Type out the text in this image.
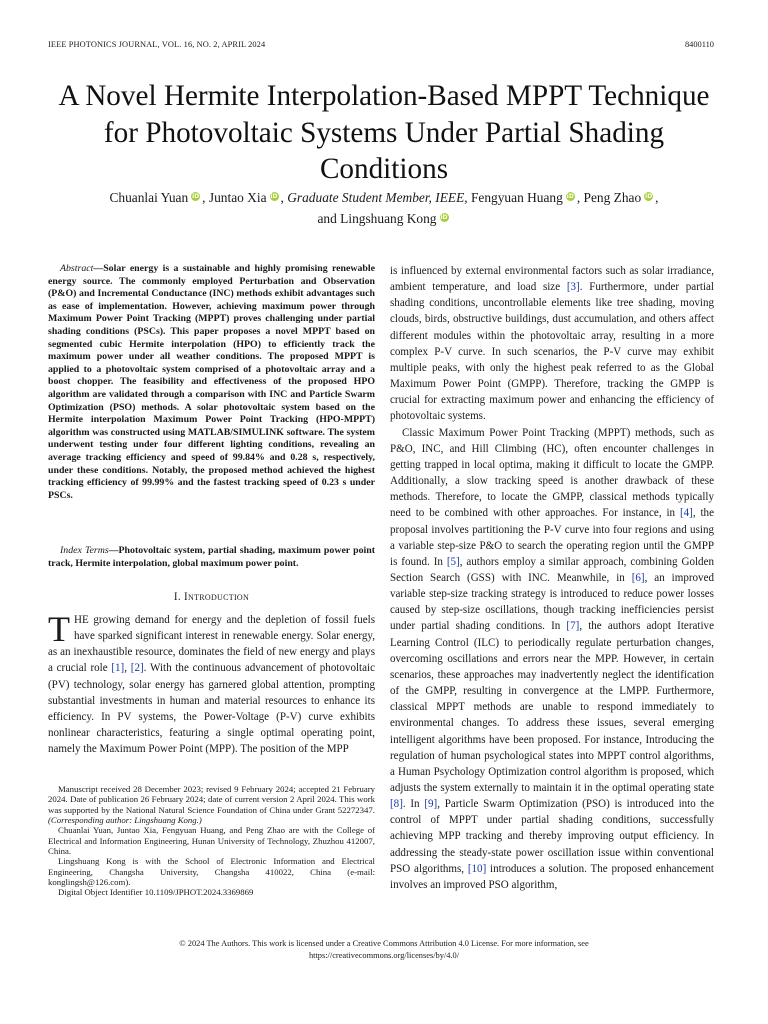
IEEE PHOTONICS JOURNAL, VOL. 16, NO. 2, APRIL 2024	8400110
A Novel Hermite Interpolation-Based MPPT Technique for Photovoltaic Systems Under Partial Shading Conditions
Chuanlai Yuan iD , Juntao Xia iD , Graduate Student Member, IEEE, Fengyuan Huang iD , Peng Zhao iD ,
and Lingshuang Kong iD
Abstract—Solar energy is a sustainable and highly promising renewable energy source. The commonly employed Perturbation and Observation (P&O) and Incremental Conductance (INC) methods exhibit advantages such as ease of implementation. However, achieving maximum power through Maximum Power Point Tracking (MPPT) proves challenging under partial shading conditions (PSCs). This paper proposes a novel MPPT based on segmented cubic Hermite interpolation (HPO) to efficiently track the maximum power under all weather conditions. The proposed MPPT is applied to a photovoltaic system comprised of a photovoltaic array and a boost chopper. The feasibility and effectiveness of the proposed HPO algorithm are validated through a comparison with INC and Particle Swarm Optimization (PSO) methods. A solar photovoltaic system based on the Hermite interpolation Maximum Power Point Tracking (HPO-MPPT) algorithm was constructed using MATLAB/SIMULINK software. The system underwent testing under four different lighting conditions, revealing an average tracking efficiency and speed of 99.84% and 0.28 s, respectively, under these conditions. Notably, the proposed method achieved the highest tracking efficiency of 99.99% and the fastest tracking speed of 0.23 s under PSCs.
Index Terms—Photovoltaic system, partial shading, maximum power point track, Hermite interpolation, global maximum power point.
I. Introduction

THE growing demand for energy and the depletion of fossil fuels have sparked significant interest in renewable energy. Solar energy, as an inexhaustible resource, dominates the field of new energy and plays a crucial role [1], [2]. With the continuous advancement of photovoltaic (PV) technology, solar energy has garnered global attention, prompting substantial investments in human and material resources to enhance its efficiency. In PV systems, the Power-Voltage (P-V) curve exhibits nonlinear characteristics, featuring a single optimal operating point, namely the Maximum Power Point (MPP). The position of the MPP

Manuscript received 28 December 2023; revised 9 February 2024; accepted 21 February 2024. Date of publication 26 February 2024; date of current version 2 April 2024. This work was supported by the National Natural Science Foundation of China under Grant 52272347. (Corresponding author: Lingshuang Kong.)

Chuanlai Yuan, Juntao Xia, Fengyuan Huang, and Peng Zhao are with the College of Electrical and Information Engineering, Hunan University of Technology, Zhuzhou 412007, China.

Lingshuang Kong is with the School of Electronic Information and Electrical Engineering, Changsha University, Changsha 410022, China (e-mail: konglingsh@126.com).

Digital Object Identifier 10.1109/JPHOT.2024.3369869

is influenced by external environmental factors such as solar irradiance, ambient temperature, and load size [3]. Furthermore, under partial shading conditions, uncontrollable elements like tree shading, moving clouds, birds, obstructive buildings, dust accumulation, and others affect different modules within the photovoltaic array, resulting in a more complex P-V curve. In such scenarios, the P-V curve may exhibit multiple peaks, with only the highest peak referred to as the Global Maximum Power Point (GMPP). Therefore, tracking the GMPP is crucial for extracting maximum power and enhancing the efficiency of photovoltaic systems.

Classic Maximum Power Point Tracking (MPPT) methods, such as P&O, INC, and Hill Climbing (HC), often encounter challenges in getting trapped in local optima, making it difficult to locate the GMPP. Additionally, a slow tracking speed is another drawback of these methods. Therefore, to locate the GMPP, classical methods typically need to be combined with other approaches. For instance, in [4], the proposal involves partitioning the P-V curve into four regions and using a variable step-size P&O to search the operating region until the GMPP is found. In [5], authors employ a similar approach, combining Golden Section Search (GSS) with INC. Meanwhile, in [6], an improved variable step-size tracking strategy is introduced to reduce power losses caused by step-size oscillations, though tracking inefficiencies persist under partial shading conditions. In [7], the authors adopt Iterative Learning Control (ILC) to periodically regulate perturbation changes, overcoming oscillations and errors near the MPP. However, in certain scenarios, these approaches may inadvertently neglect the identification of the GMPP, resulting in convergence at the LMPP. Furthermore, classical MPPT methods are unable to respond immediately to environmental changes. To address these issues, several emerging intelligent algorithms have been proposed. For instance, Introducing the regulation of human psychological states into MPPT control algorithms, a Human Psychology Optimization control algorithm is proposed, which adjusts the system externally to maintain it in the optimal operating state [8]. In [9], Particle Swarm Optimization (PSO) is introduced into the control of MPPT under partial shading conditions, successfully achieving MPP tracking and thereby improving output efficiency. In addressing the steady-state power oscillation issue within conventional PSO algorithms, [10] introduces a solution. The proposed enhancement involves an improved PSO algorithm,

© 2024 The Authors. This work is licensed under a Creative Commons Attribution 4.0 License. For more information, see
https://creativecommons.org/licenses/by/4.0/
